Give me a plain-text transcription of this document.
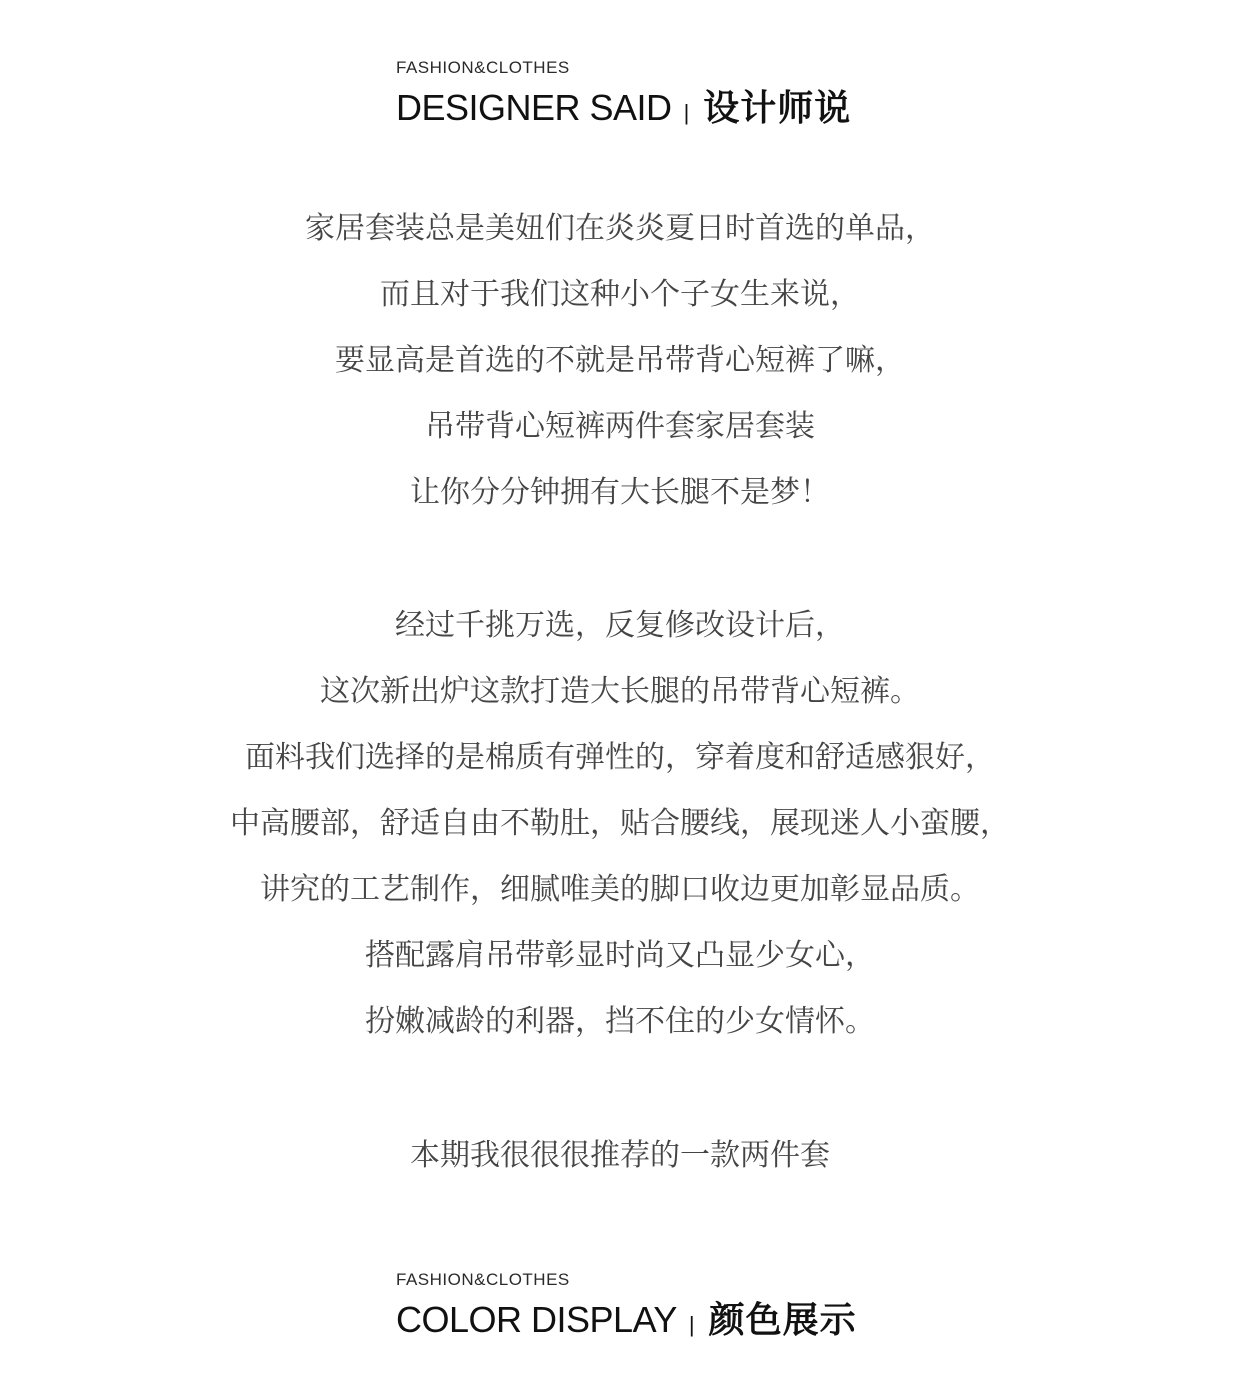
FASHION&CLOTHES
DESIGNER SAID | 设计师说
家居套装总是美妞们在炎炎夏日时首选的单品，
而且对于我们这种小个子女生来说，
要显高是首选的不就是吊带背心短裤了嘛，
吊带背心短裤两件套家居套装
让你分分钟拥有大长腿不是梦！
经过千挑万选，反复修改设计后，
这次新出炉这款打造大长腿的吊带背心短裤。
面料我们选择的是棉质有弹性的，穿着度和舒适感狠好，
中高腰部，舒适自由不勒肚，贴合腰线，展现迷人小蛮腰，
讲究的工艺制作，细腻唯美的脚口收边更加彰显品质。
搭配露肩吊带彰显时尚又凸显少女心，
扮嫩减龄的利器，挡不住的少女情怀。
本期我很很很推荐的一款两件套
FASHION&CLOTHES
COLOR DISPLAY | 颜色展示
